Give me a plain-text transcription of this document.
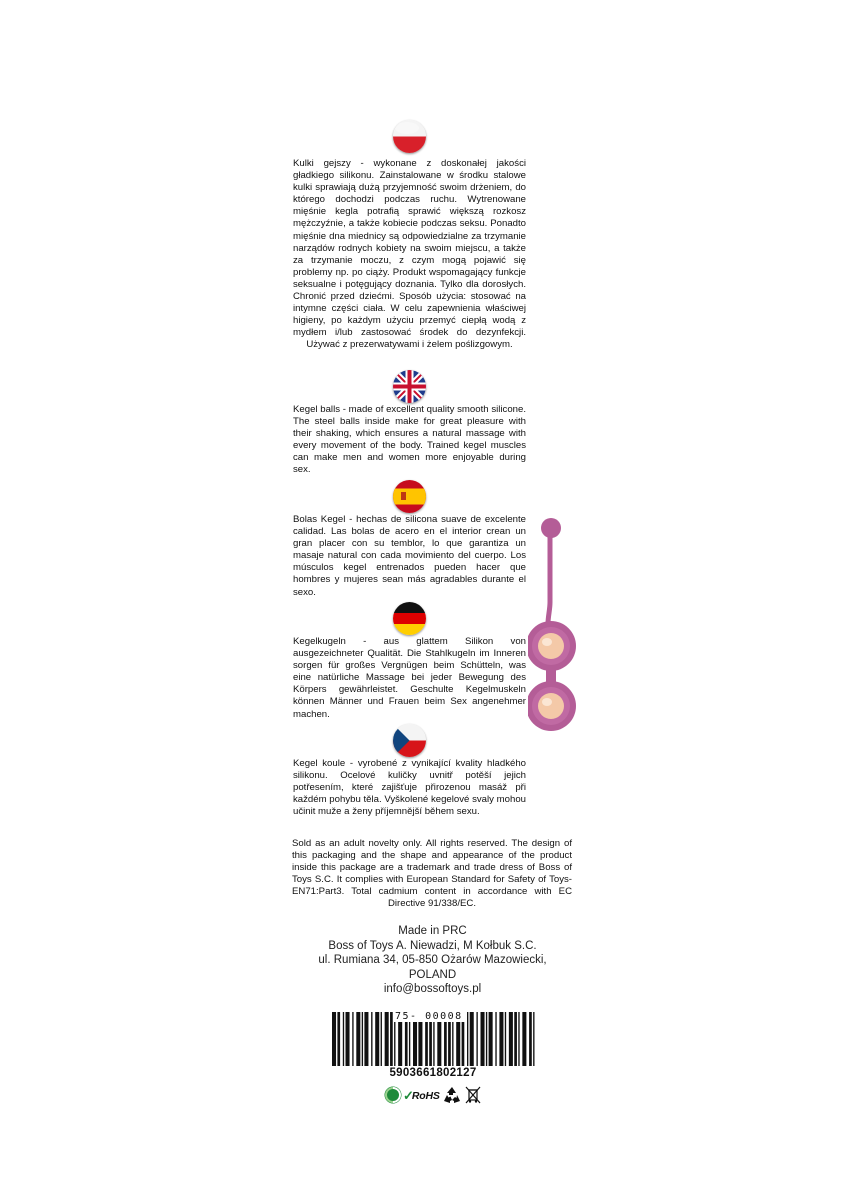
Kulki gejszy - wykonane z doskonałej jakości gładkiego silikonu. Zainstalowane w środku stalowe kulki sprawiają dużą przyjemność swoim drżeniem, do którego dochodzi podczas ruchu. Wytrenowane mięśnie kegla potrafią sprawić większą rozkosz mężczyźnie, a także kobiecie podczas seksu. Ponadto mięśnie dna miednicy są odpowiedzialne za trzymanie narządów rodnych kobiety na swoim miejscu, a także za trzymanie moczu, z czym mogą pojawić się problemy np. po ciąży. Produkt wspomagający funkcje seksualne i potęgujący doznania. Tylko dla dorosłych. Chronić przed dziećmi. Sposób użycia: stosować na intymne części ciała. W celu zapewnienia właściwej higieny, po każdym użyciu przemyć ciepłą wodą z mydłem i/lub zastosować środek do dezynfekcji. Używać z prezerwatywami i żelem poślizgowym.

Kegel balls - made of excellent quality smooth silicone. The steel balls inside make for great pleasure with their shaking, which ensures a natural massage with every movement of the body. Trained kegel muscles can make men and women more enjoyable during sex.

Bolas Kegel - hechas de silicona suave de excelente calidad. Las bolas de acero en el interior crean un gran placer con su temblor, lo que garantiza un masaje natural con cada movimiento del cuerpo. Los músculos kegel entrenados pueden hacer que hombres y mujeres sean más agradables durante el sexo.

Kegelkugeln - aus glattem Silikon von ausgezeichneter Qualität. Die Stahlkugeln im Inneren sorgen für großes Vergnügen beim Schütteln, was eine natürliche Massage bei jeder Bewegung des Körpers gewährleistet. Geschulte Kegelmuskeln können Männer und Frauen beim Sex angenehmer machen.

Kegel koule - vyrobené z vynikající kvality hladkého silikonu. Ocelové kuličky uvnitř potěší jejich potřesením, které zajišťuje přirozenou masáž při každém pohybu těla. Vyškolené kegelové svaly mohou učinit muže a ženy příjemnější během sexu.

Sold as an adult novelty only. All rights reserved. The design of this packaging and the shape and appearance of the product inside this package are a trademark and trade dress of Boss of Toys S.C. It complies with European Standard for Safety of Toys- EN71:Part3. Total cadmium content in accordance with EC Directive 91/338/EC.

Made in PRC
Boss of Toys A. Niewadzi, M Kołbuk S.C.
ul. Rumiana 34, 05-850 Ożarów Mazowiecki,
POLAND
info@bossoftoys.pl
75- 00008
5903661802127
✓
RoHS
